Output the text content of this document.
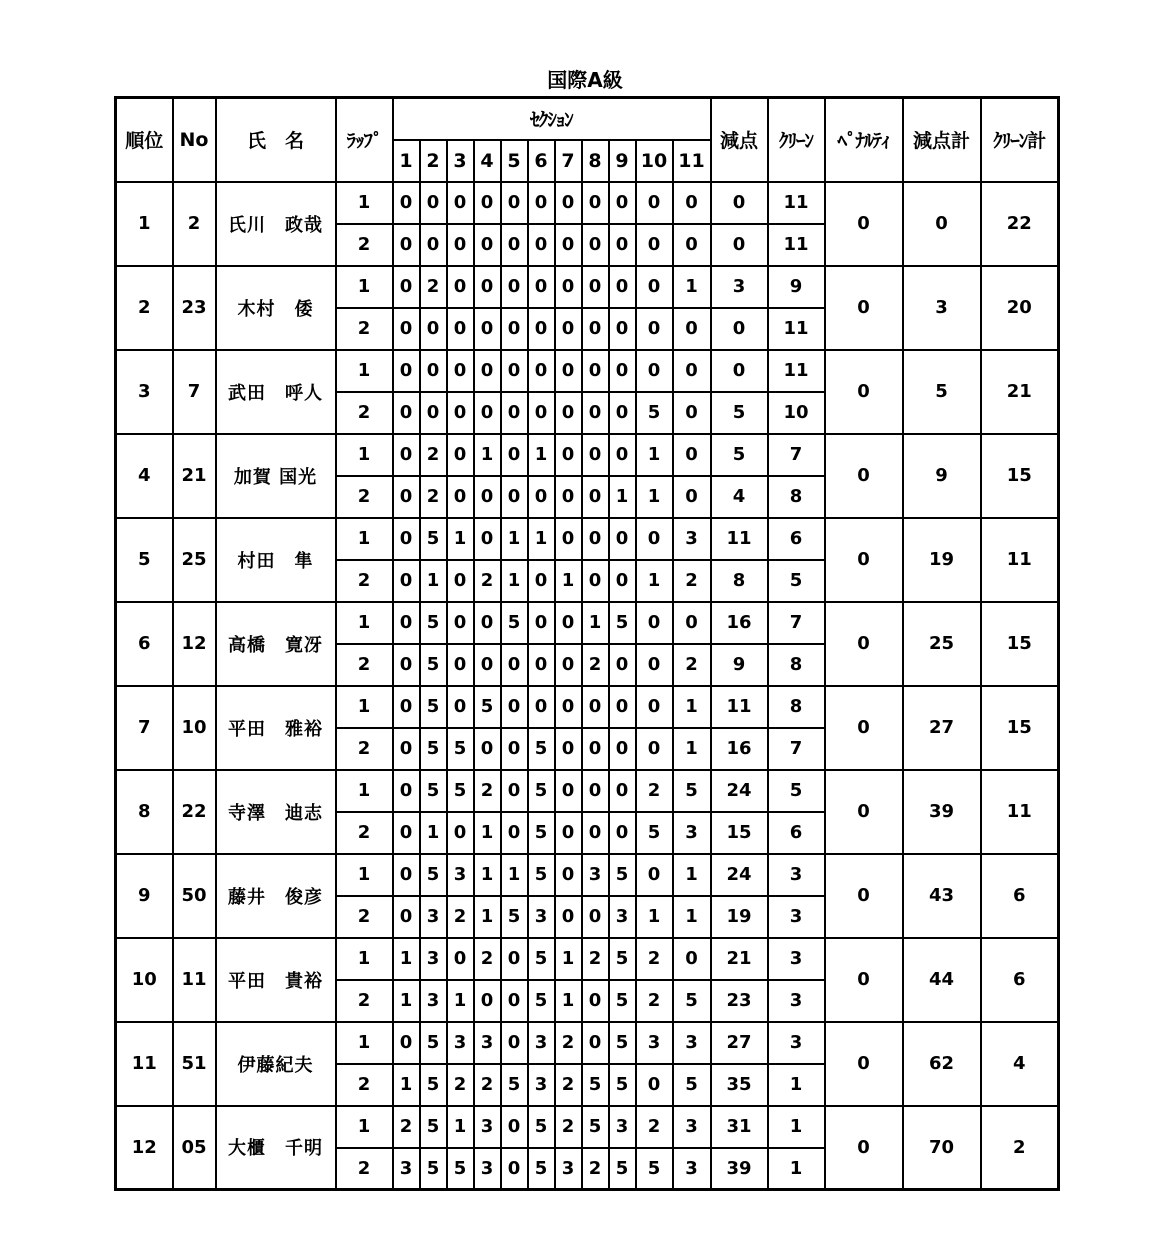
国際A級
順位	No	氏　名	ﾗｯﾌﾟ	ｾｸｼｮﾝ											減点	ｸﾘｰﾝ	ﾍﾟﾅﾙﾃｨ	減点計	ｸﾘｰﾝ計
				1	2	3	4	5	6	7	8	9	10	11					
1	2	氏川　政哉	1	0	0	0	0	0	0	0	0	0	0	0	0	11	0	0	22
			2	0	0	0	0	0	0	0	0	0	0	0	0	11			
2	23	木村　倭	1	0	2	0	0	0	0	0	0	0	0	1	3	9	0	3	20
			2	0	0	0	0	0	0	0	0	0	0	0	0	11			
3	7	武田　呼人	1	0	0	0	0	0	0	0	0	0	0	0	0	11	0	5	21
			2	0	0	0	0	0	0	0	0	0	5	0	5	10			
4	21	加賀 国光	1	0	2	0	1	0	1	0	0	0	1	0	5	7	0	9	15
			2	0	2	0	0	0	0	0	0	1	1	0	4	8			
5	25	村田　隼	1	0	5	1	0	1	1	0	0	0	0	3	11	6	0	19	11
			2	0	1	0	2	1	0	1	0	0	1	2	8	5			
6	12	高橋　寛冴	1	0	5	0	0	5	0	0	1	5	0	0	16	7	0	25	15
			2	0	5	0	0	0	0	0	2	0	0	2	9	8			
7	10	平田　雅裕	1	0	5	0	5	0	0	0	0	0	0	1	11	8	0	27	15
			2	0	5	5	0	0	5	0	0	0	0	1	16	7			
8	22	寺澤　迪志	1	0	5	5	2	0	5	0	0	0	2	5	24	5	0	39	11
			2	0	1	0	1	0	5	0	0	0	5	3	15	6			
9	50	藤井　俊彦	1	0	5	3	1	1	5	0	3	5	0	1	24	3	0	43	6
			2	0	3	2	1	5	3	0	0	3	1	1	19	3			
10	11	平田　貴裕	1	1	3	0	2	0	5	1	2	5	2	0	21	3	0	44	6
			2	1	3	1	0	0	5	1	0	5	2	5	23	3			
11	51	伊藤紀夫	1	0	5	3	3	0	3	2	0	5	3	3	27	3	0	62	4
			2	1	5	2	2	5	3	2	5	5	0	5	35	1			
12	05	大櫃　千明	1	2	5	1	3	0	5	2	5	3	2	3	31	1	0	70	2
			2	3	5	5	3	0	5	3	2	5	5	3	39	1			
